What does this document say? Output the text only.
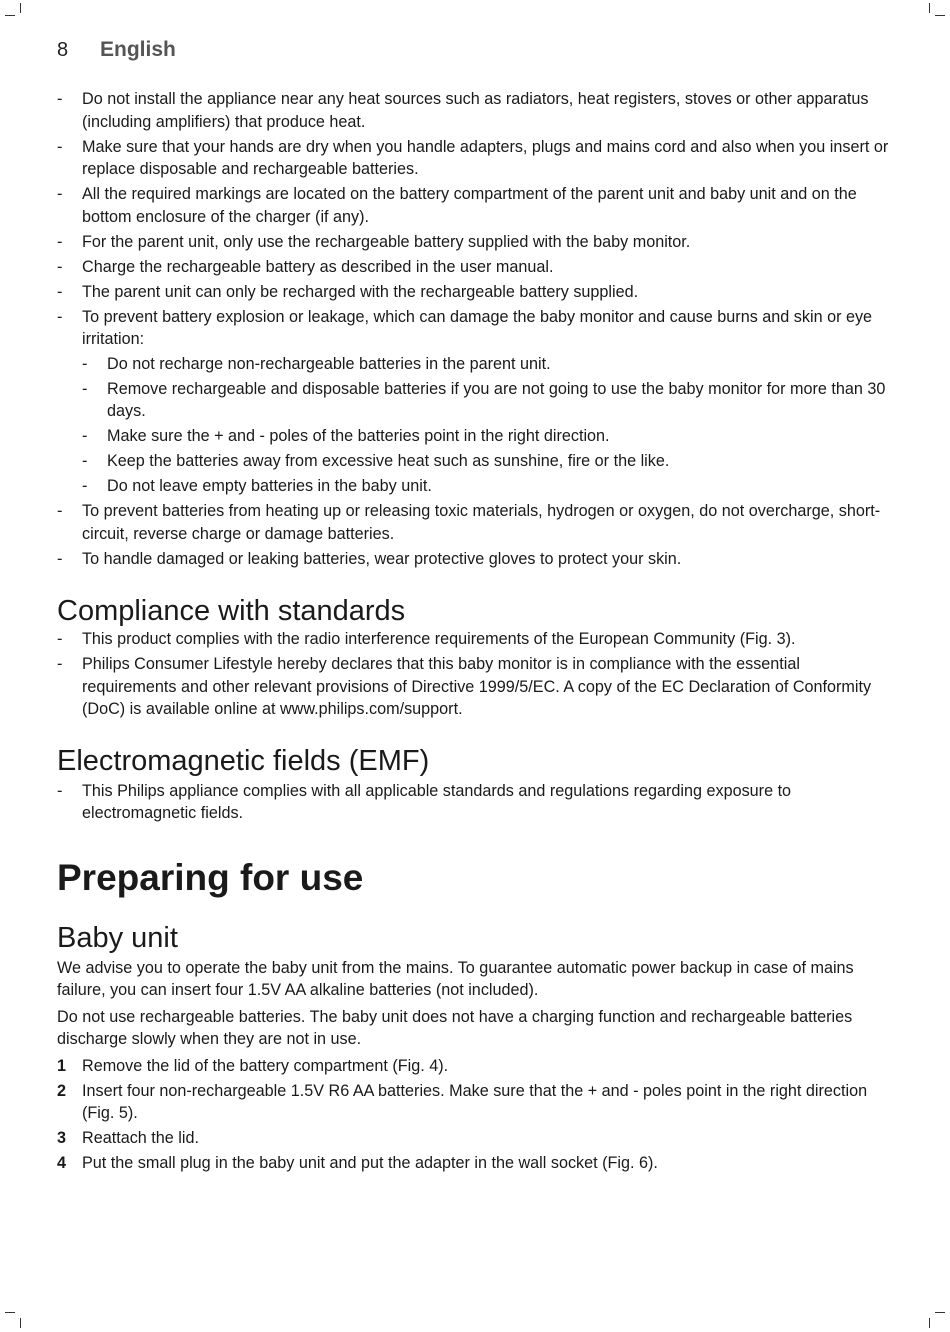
8	English
- Do not install the appliance near any heat sources such as radiators, heat registers, stoves or other apparatus (including amplifiers) that produce heat.
- Make sure that your hands are dry when you handle adapters, plugs and mains cord and also when you insert or replace disposable and rechargeable batteries.
- All the required markings are located on the battery compartment of the parent unit and baby unit and on the bottom enclosure of the charger (if any).
- For the parent unit, only use the rechargeable battery supplied with the baby monitor.
- Charge the rechargeable battery as described in the user manual.
- The parent unit can only be recharged with the rechargeable battery supplied.
- To prevent battery explosion or leakage, which can damage the baby monitor and cause burns and skin or eye irritation:
- Do not recharge non-rechargeable batteries in the parent unit.
- Remove rechargeable and disposable batteries if you are not going to use the baby monitor for more than 30 days.
- Make sure the + and - poles of the batteries point in the right direction.
- Keep the batteries away from excessive heat such as sunshine, fire or the like.
- Do not leave empty batteries in the baby unit.
- To prevent batteries from heating up or releasing toxic materials, hydrogen or oxygen, do not overcharge, short-circuit, reverse charge or damage batteries.
- To handle damaged or leaking batteries, wear protective gloves to protect your skin.
Compliance with standards
- This product complies with the radio interference requirements of the European Community (Fig. 3).
- Philips Consumer Lifestyle hereby declares that this baby monitor is in compliance with the essential requirements and other relevant provisions of Directive 1999/5/EC. A copy of the EC Declaration of Conformity (DoC) is available online at www.philips.com/support.
Electromagnetic fields (EMF)
- This Philips appliance complies with all applicable standards and regulations regarding exposure to electromagnetic fields.
Preparing for use
Baby unit

We advise you to operate the baby unit from the mains. To guarantee automatic power backup in case of mains failure, you can insert four 1.5V AA alkaline batteries (not included).

Do not use rechargeable batteries. The baby unit does not have a charging function and rechargeable batteries discharge slowly when they are not in use.

1 Remove the lid of the battery compartment (Fig. 4).
2 Insert four non-rechargeable 1.5V R6 AA batteries. Make sure that the + and - poles point in the right direction (Fig. 5).
3 Reattach the lid.
4 Put the small plug in the baby unit and put the adapter in the wall socket (Fig. 6).
